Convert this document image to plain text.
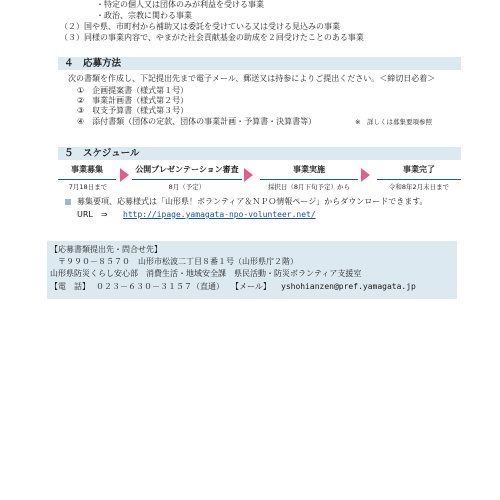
・特定の個人又は団体のみが利益を受ける事業
・政治、宗教に関わる事業
（２）国や県、市町村から補助又は委託を受けている又は受ける見込みの事業
（３）同様の事業内容で、やまがた社会貢献基金の助成を２回受けたことのある事業
４　応募方法
次の書類を作成し、下記提出先まで電子メール、郵送又は持参によりご提出ください。＜締切日必着＞
①　企画提案書（様式第１号）
②　事業計画書（様式第２号）
③　収支予算書（様式第３号）
④　添付書類（団体の定款、団体の事業計画・予算書・決算書等）	※　詳しくは募集要項参照
５　スケジュール
事業募集
7月18日まで
公開プレゼンテーション審査
8月（予定）
事業実施
採択日（8月下旬予定）から
事業完了
令和8年2月末日まで
募集要項、応募様式は「山形県！ボランティア＆ＮＰＯ情報ページ」からダウンロードできます。
URL　⇒ http://ipage.yamagata-npo-volunteer.net/
【応募書類提出先・問合せ先】
〒９９０－８５７０　山形市松波二丁目８番１号（山形県庁２階）
山形県防災くらし安心部　消費生活・地域安全課　県民活動・防災ボランティア支援室
【電　話】 ０２３－６３０－３１５７（直通） 【メール】 yshohianzen@pref.yamagata.jp
